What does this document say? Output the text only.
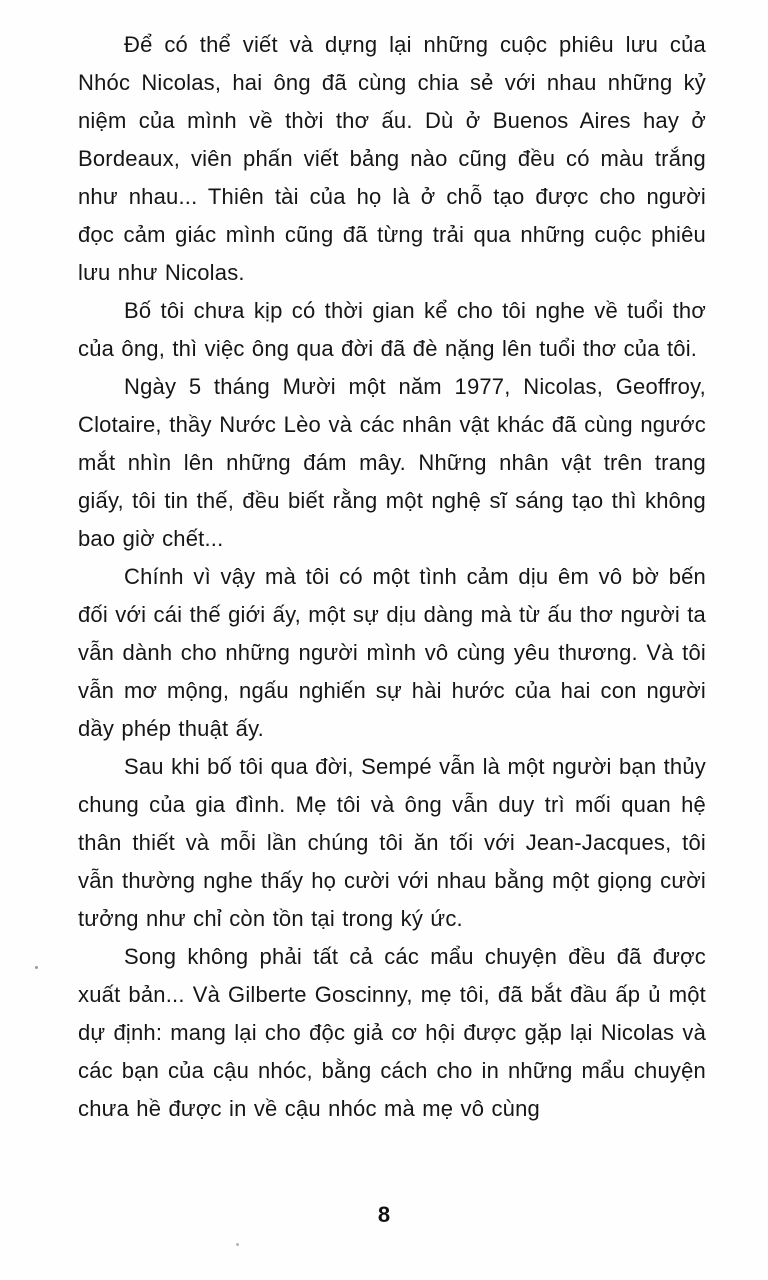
Để có thể viết và dựng lại những cuộc phiêu lưu của Nhóc Nicolas, hai ông đã cùng chia sẻ với nhau những kỷ niệm của mình về thời thơ ấu. Dù ở Buenos Aires hay ở Bordeaux, viên phấn viết bảng nào cũng đều có màu trắng như nhau... Thiên tài của họ là ở chỗ tạo được cho người đọc cảm giác mình cũng đã từng trải qua những cuộc phiêu lưu như Nicolas.

Bố tôi chưa kịp có thời gian kể cho tôi nghe về tuổi thơ của ông, thì việc ông qua đời đã đè nặng lên tuổi thơ của tôi.

Ngày 5 tháng Mười một năm 1977, Nicolas, Geoffroy, Clotaire, thầy Nước Lèo và các nhân vật khác đã cùng ngước mắt nhìn lên những đám mây. Những nhân vật trên trang giấy, tôi tin thế, đều biết rằng một nghệ sĩ sáng tạo thì không bao giờ chết...

Chính vì vậy mà tôi có một tình cảm dịu êm vô bờ bến đối với cái thế giới ấy, một sự dịu dàng mà từ ấu thơ người ta vẫn dành cho những người mình vô cùng yêu thương. Và tôi vẫn mơ mộng, ngấu nghiến sự hài hước của hai con người dầy phép thuật ấy.

Sau khi bố tôi qua đời, Sempé vẫn là một người bạn thủy chung của gia đình. Mẹ tôi và ông vẫn duy trì mối quan hệ thân thiết và mỗi lần chúng tôi ăn tối với Jean-Jacques, tôi vẫn thường nghe thấy họ cười với nhau bằng một giọng cười tưởng như chỉ còn tồn tại trong ký ức.

Song không phải tất cả các mẩu chuyện đều đã được xuất bản... Và Gilberte Goscinny, mẹ tôi, đã bắt đầu ấp ủ một dự định: mang lại cho độc giả cơ hội được gặp lại Nicolas và các bạn của cậu nhóc, bằng cách cho in những mẩu chuyện chưa hề được in về cậu nhóc mà mẹ vô cùng

8
